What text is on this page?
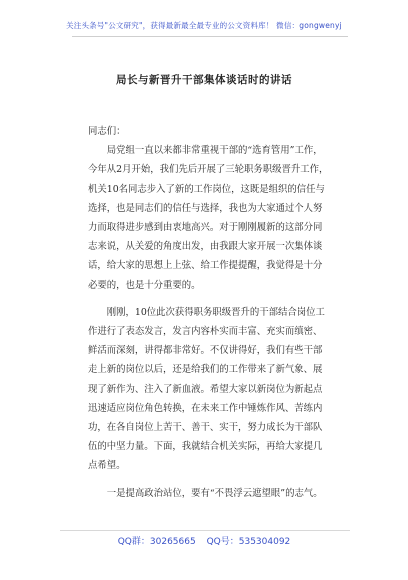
关注头条号"公文研究"，获得最新最全最专业的公文资料库！ 微信：gongwenyj
局长与新晋升干部集体谈话时的讲话

同志们：

　　局党组一直以来都非常重视干部的“选育管用”工作，

今年从2月开始，我们先后开展了三轮职务职级晋升工作，

机关10名同志步入了新的工作岗位，这既是组织的信任与

选择，也是同志们的信任与选择，我也为大家通过个人努

力而取得进步感到由衷地高兴。对于刚刚履新的这部分同

志来说，从关爱的角度出发，由我跟大家开展一次集体谈

话，给大家的思想上上弦、给工作提提醒，我觉得是十分

必要的，也是十分重要的。

　　刚刚，10位此次获得职务职级晋升的干部结合岗位工

作进行了表态发言，发言内容朴实而丰富、充实而缜密、

鲜活而深刻，讲得都非常好。不仅讲得好，我们有些干部

走上新的岗位以后，还是给我们的工作带来了新气象、展

现了新作为、注入了新血液。希望大家以新岗位为新起点

迅速适应岗位角色转换，在未来工作中锤炼作风、苦练内

功，在各自岗位上苦干、善干、实干，努力成长为干部队

伍的中坚力量。下面，我就结合机关实际，再给大家提几

点希望。

　　一是提高政治站位，要有“不畏浮云遮望眼”的志气。

QQ群：30265665 QQ号：535304092
